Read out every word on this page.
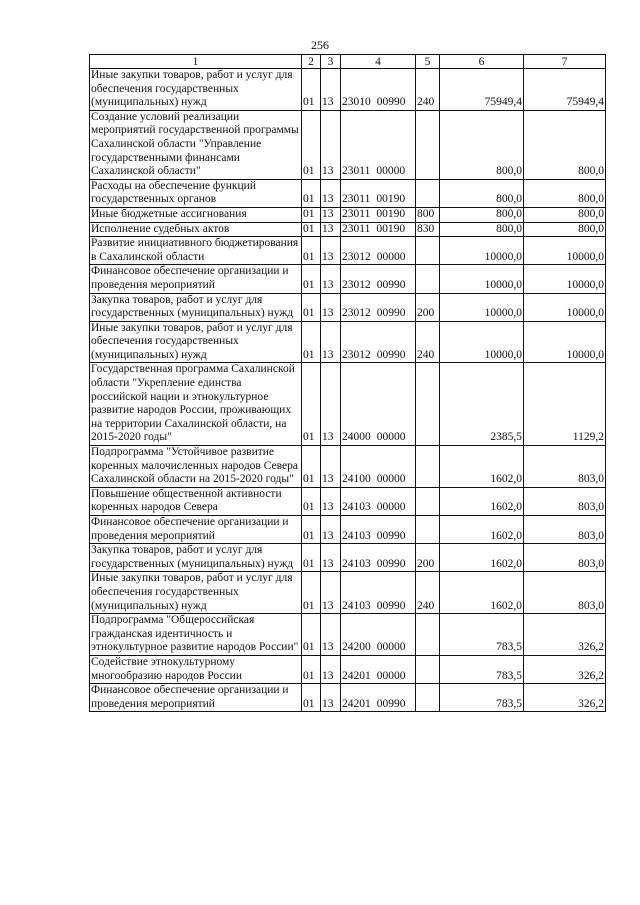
256
1	2	3	4	5	6	7
Иные закупки товаров, работ и услуг для обеспечения государственных (муниципальных) нужд	01	13	23010 00990	240	75949,4	75949,4
Создание условий реализации мероприятий государственной программы Сахалинской области "Управление государственными финансами Сахалинской области"	01	13	23011 00000		800,0	800,0
Расходы на обеспечение функций государственных органов	01	13	23011 00190		800,0	800,0
Иные бюджетные ассигнования	01	13	23011 00190	800	800,0	800,0
Исполнение судебных актов	01	13	23011 00190	830	800,0	800,0
Развитие инициативного бюджетирования в Сахалинской области	01	13	23012 00000		10000,0	10000,0
Финансовое обеспечение организации и проведения мероприятий	01	13	23012 00990		10000,0	10000,0
Закупка товаров, работ и услуг для государственных (муниципальных) нужд	01	13	23012 00990	200	10000,0	10000,0
Иные закупки товаров, работ и услуг для обеспечения государственных (муниципальных) нужд	01	13	23012 00990	240	10000,0	10000,0
Государственная программа Сахалинской области "Укрепление единства российской нации и этнокультурное развитие народов России, проживающих на территории Сахалинской области, на 2015-2020 годы"	01	13	24000 00000		2385,5	1129,2
Подпрограмма "Устойчивое развитие коренных малочисленных народов Севера Сахалинской области на 2015-2020 годы"	01	13	24100 00000		1602,0	803,0
Повышение общественной активности коренных народов Севера	01	13	24103 00000		1602,0	803,0
Финансовое обеспечение организации и проведения мероприятий	01	13	24103 00990		1602,0	803,0
Закупка товаров, работ и услуг для государственных (муниципальных) нужд	01	13	24103 00990	200	1602,0	803,0
Иные закупки товаров, работ и услуг для обеспечения государственных (муниципальных) нужд	01	13	24103 00990	240	1602,0	803,0
Подпрограмма "Общероссийская гражданская идентичность и этнокультурное развитие народов России"	01	13	24200 00000		783,5	326,2
Содействие этнокультурному многообразию народов России	01	13	24201 00000		783,5	326,2
Финансовое обеспечение организации и проведения мероприятий	01	13	24201 00990		783,5	326,2
